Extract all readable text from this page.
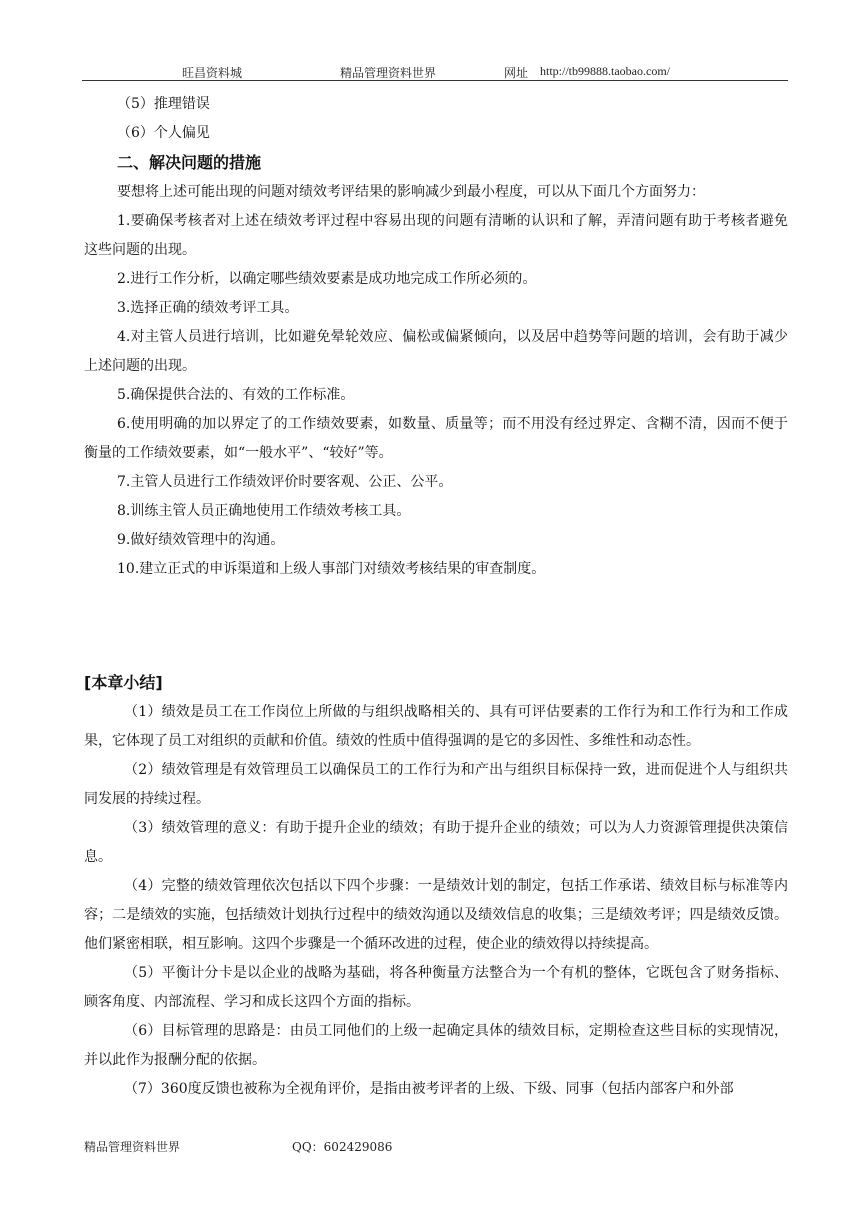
旺昌资料城	精品管理资料世界	网址 http://tb99888.taobao.com/

（5）推理错误

（6）个人偏见

二、解决问题的措施

要想将上述可能出现的问题对绩效考评结果的影响减少到最小程度，可以从下面几个方面努力：

1.要确保考核者对上述在绩效考评过程中容易出现的问题有清晰的认识和了解，弄清问题有助于考核者避免这些问题的出现。

2.进行工作分析，以确定哪些绩效要素是成功地完成工作所必须的。

3.选择正确的绩效考评工具。

4.对主管人员进行培训，比如避免晕轮效应、偏松或偏紧倾向，以及居中趋势等问题的培训，会有助于减少上述问题的出现。

5.确保提供合法的、有效的工作标准。

6.使用明确的加以界定了的工作绩效要素，如数量、质量等；而不用没有经过界定、含糊不清，因而不便于衡量的工作绩效要素，如“一般水平”、“较好”等。

7.主管人员进行工作绩效评价时要客观、公正、公平。

8.训练主管人员正确地使用工作绩效考核工具。

9.做好绩效管理中的沟通。

10.建立正式的申诉渠道和上级人事部门对绩效考核结果的审查制度。

[本章小结]

（1）绩效是员工在工作岗位上所做的与组织战略相关的、具有可评估要素的工作行为和工作行为和工作成果，它体现了员工对组织的贡献和价值。绩效的性质中值得强调的是它的多因性、多维性和动态性。

（2）绩效管理是有效管理员工以确保员工的工作行为和产出与组织目标保持一致，进而促进个人与组织共同发展的持续过程。

（3）绩效管理的意义：有助于提升企业的绩效；有助于提升企业的绩效；可以为人力资源管理提供决策信息。

（4）完整的绩效管理依次包括以下四个步骤：一是绩效计划的制定，包括工作承诺、绩效目标与标准等内容；二是绩效的实施，包括绩效计划执行过程中的绩效沟通以及绩效信息的收集；三是绩效考评；四是绩效反馈。他们紧密相联，相互影响。这四个步骤是一个循环改进的过程，使企业的绩效得以持续提高。

（5）平衡计分卡是以企业的战略为基础，将各种衡量方法整合为一个有机的整体，它既包含了财务指标、顾客角度、内部流程、学习和成长这四个方面的指标。

（6）目标管理的思路是：由员工同他们的上级一起确定具体的绩效目标，定期检查这些目标的实现情况，并以此作为报酬分配的依据。

（7）360度反馈也被称为全视角评价，是指由被考评者的上级、下级、同事（包括内部客户和外部

精品管理资料世界	QQ：602429086
